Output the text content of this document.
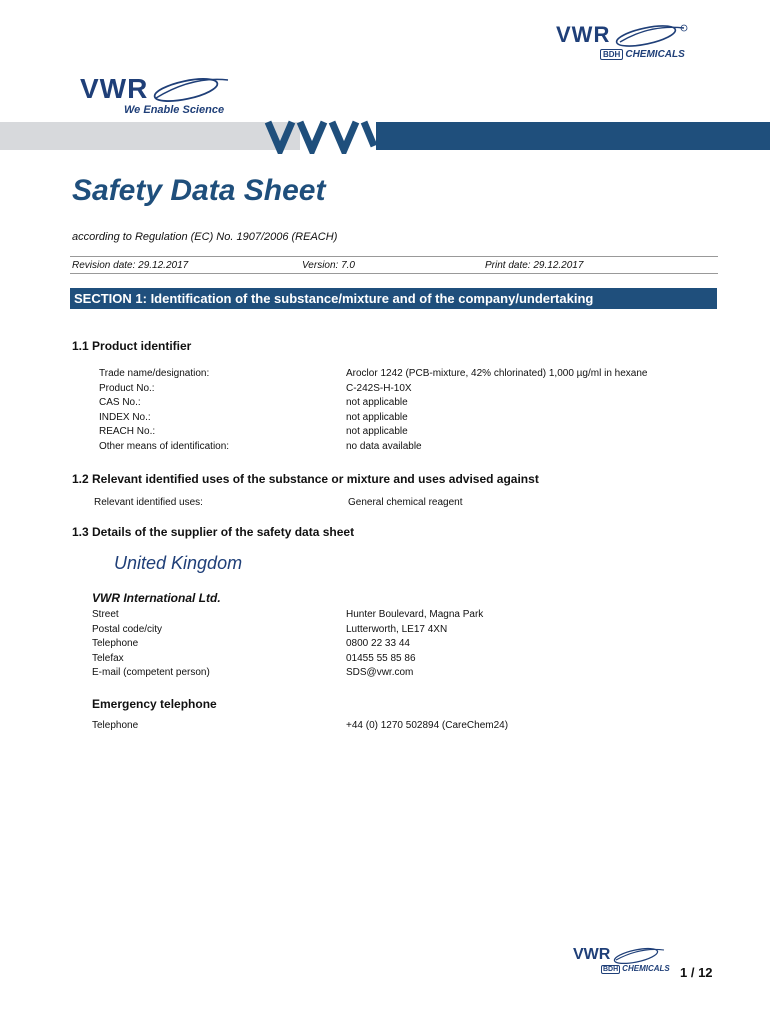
VWR
BDH CHEMICALS
VWR
We Enable Science
Safety Data Sheet
according to Regulation (EC) No. 1907/2006 (REACH)
Revision date: 29.12.2017	Version: 7.0	Print date: 29.12.2017
SECTION 1: Identification of the substance/mixture and of the company/undertaking
1.1 Product identifier
Trade name/designation:	Aroclor 1242 (PCB-mixture, 42% chlorinated) 1,000 µg/ml in hexane
Product No.:	C-242S-H-10X
CAS No.:	not applicable
INDEX No.:	not applicable
REACH No.:	not applicable
Other means of identification:	no data available
1.2 Relevant identified uses of the substance or mixture and uses advised against
Relevant identified uses:	General chemical reagent
1.3 Details of the supplier of the safety data sheet
United Kingdom
VWR International Ltd.
Street	Hunter Boulevard, Magna Park
Postal code/city	Lutterworth, LE17 4XN
Telephone	0800 22 33 44
Telefax	01455 55 85 86
E-mail (competent person)	SDS@vwr.com
Emergency telephone
Telephone	+44 (0) 1270 502894 (CareChem24)
VWR
BDH CHEMICALS 1 / 12
